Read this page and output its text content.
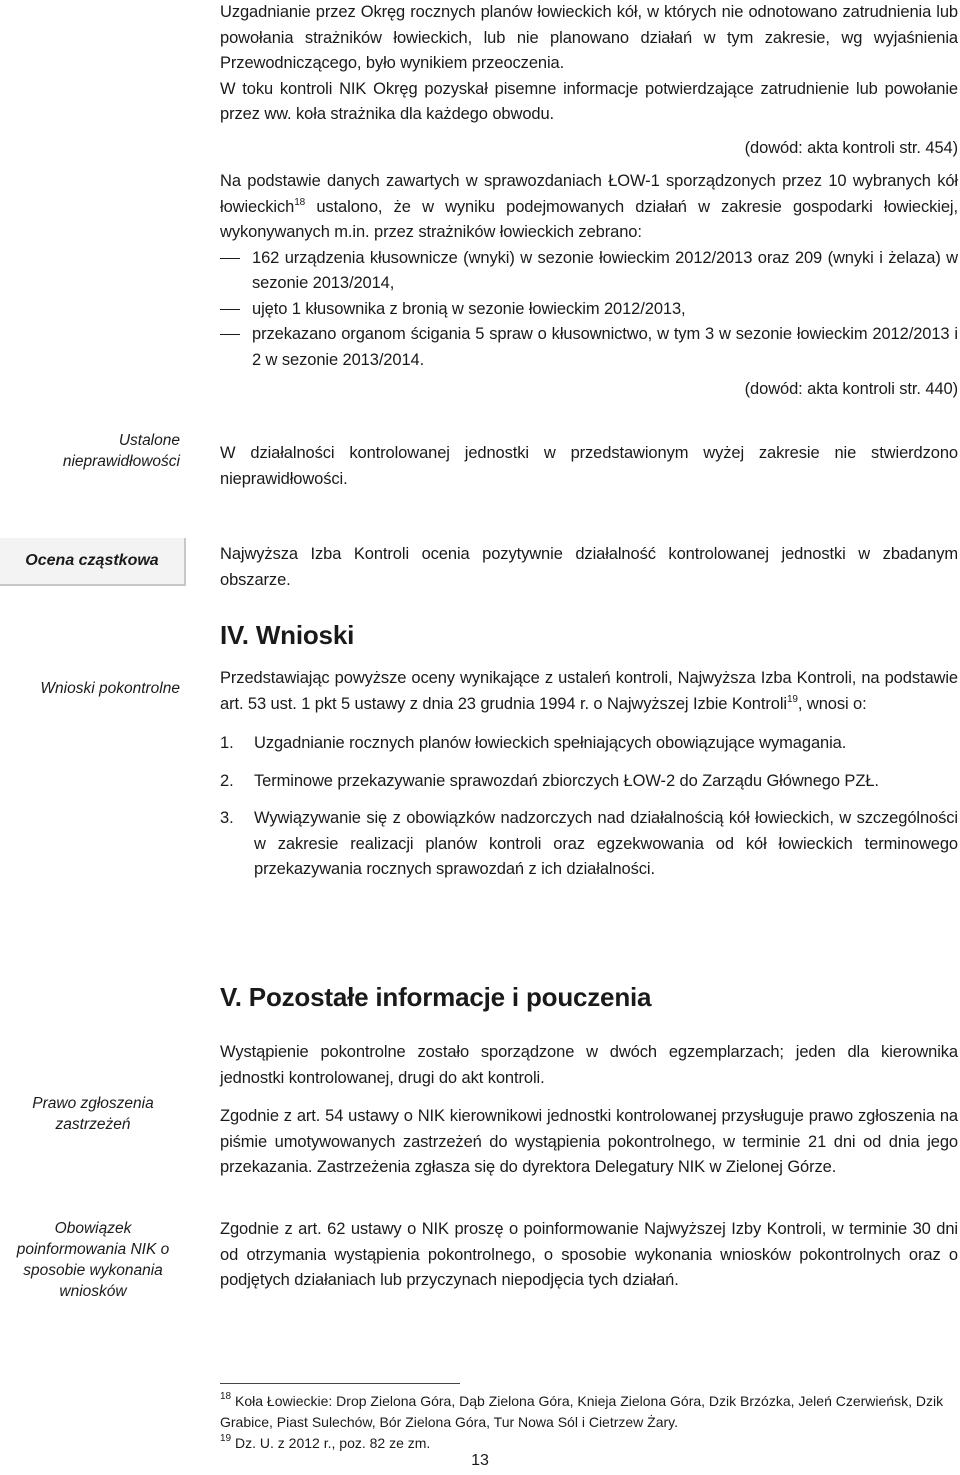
Uzgadnianie przez Okręg rocznych planów łowieckich kół, w których nie odnotowano zatrudnienia lub powołania strażników łowieckich, lub nie planowano działań w tym zakresie, wg wyjaśnienia Przewodniczącego, było wynikiem przeoczenia.
W toku kontroli NIK Okręg pozyskał pisemne informacje potwierdzające zatrudnienie lub powołanie przez ww. koła strażnika dla każdego obwodu.
(dowód: akta kontroli str. 454)
Na podstawie danych zawartych w sprawozdaniach ŁOW-1 sporządzonych przez 10 wybranych kół łowieckich$^{18}$ ustalono, że w wyniku podejmowanych działań w zakresie gospodarki łowieckiej, wykonywanych m.in. przez strażników łowieckich zebrano:
162 urządzenia kłusownicze (wnyki) w sezonie łowieckim 2012/2013 oraz 209 (wnyki i żelaza) w sezonie 2013/2014,
ujęto 1 kłusownika z bronią w sezonie łowieckim 2012/2013,
przekazano organom ścigania 5 spraw o kłusownictwo, w tym 3 w sezonie łowieckim 2012/2013 i 2 w sezonie 2013/2014.
(dowód: akta kontroli str. 440)
Ustalone nieprawidłowości W działalności kontrolowanej jednostki w przedstawionym wyżej zakresie nie stwierdzono nieprawidłowości.
Ocena cząstkowa	Najwyższa Izba Kontroli ocenia pozytywnie działalność kontrolowanej jednostki w zbadanym obszarze.
IV. Wnioski
Wnioski pokontrolne
Przedstawiając powyższe oceny wynikające z ustaleń kontroli, Najwyższa Izba Kontroli, na podstawie art. 53 ust. 1 pkt 5 ustawy z dnia 23 grudnia 1994 r. o Najwyższej Izbie Kontroli$^{19}$, wnosi o:
1. Uzgadnianie rocznych planów łowieckich spełniających obowiązujące wymagania.
2. Terminowe przekazywanie sprawozdań zbiorczych ŁOW-2 do Zarządu Głównego PZŁ.
3. Wywiązywanie się z obowiązków nadzorczych nad działalnością kół łowieckich, w szczególności w zakresie realizacji planów kontroli oraz egzekwowania od kół łowieckich terminowego przekazywania rocznych sprawozdań z ich działalności.
V. Pozostałe informacje i pouczenia
Wystąpienie pokontrolne zostało sporządzone w dwóch egzemplarzach; jeden dla kierownika jednostki kontrolowanej, drugi do akt kontroli.
Prawo zgłoszenia zastrzeżeń	Zgodnie z art. 54 ustawy o NIK kierownikowi jednostki kontrolowanej przysługuje prawo zgłoszenia na piśmie umotywowanych zastrzeżeń do wystąpienia pokontrolnego, w terminie 21 dni od dnia jego przekazania. Zastrzeżenia zgłasza się do dyrektora Delegatury NIK w Zielonej Górze.
Obowiązek poinformowania NIK o sposobie wykonania wniosków
Zgodnie z art. 62 ustawy o NIK proszę o poinformowanie Najwyższej Izby Kontroli, w terminie 30 dni od otrzymania wystąpienia pokontrolnego, o sposobie wykonania wniosków pokontrolnych oraz o podjętych działaniach lub przyczynach niepodjęcia tych działań.
$^{18}$ Koła Łowieckie: Drop Zielona Góra, Dąb Zielona Góra, Knieja Zielona Góra, Dzik Brzózka, Jeleń Czerwieńsk, Dzik Grabice, Piast Sulechów, Bór Zielona Góra, Tur Nowa Sól i Cietrzew Żary.
$^{19}$ Dz. U. z 2012 r., poz. 82 ze zm.
13
